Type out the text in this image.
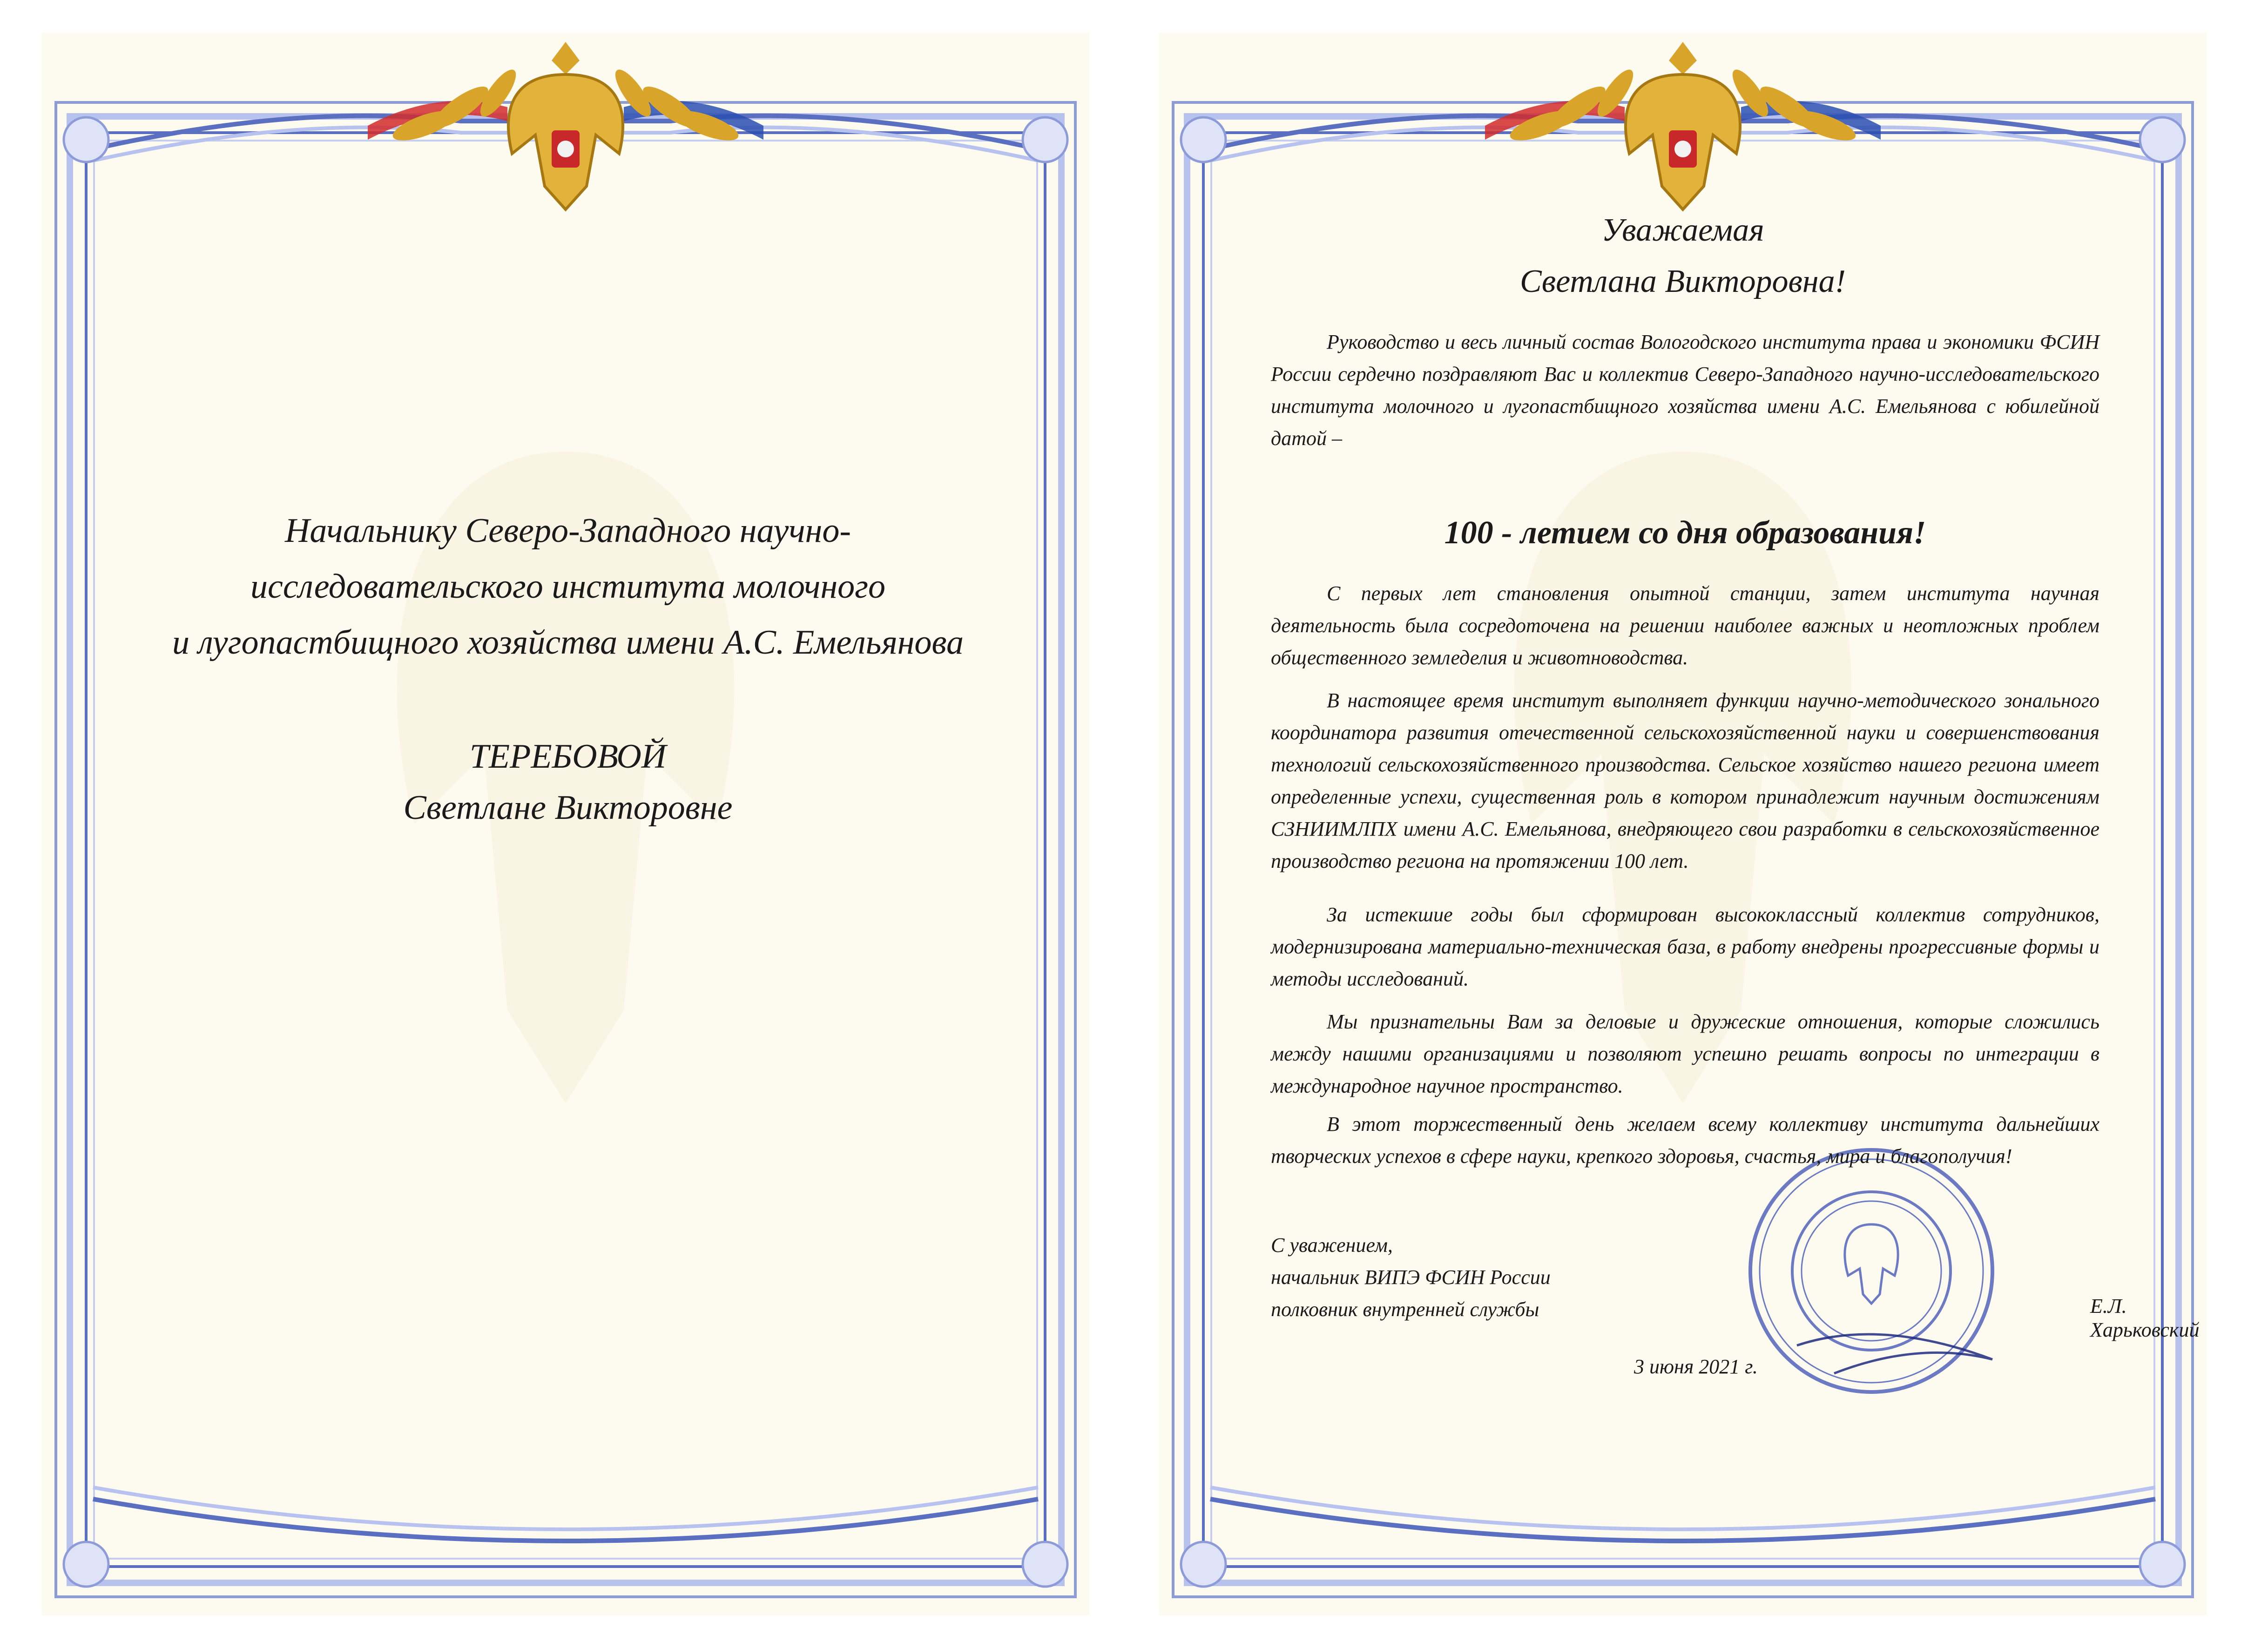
Начальнику Северо-Западного научно-
исследовательского института молочного
и лугопастбищного хозяйства имени А.С. Емельянова
ТЕРЕБОВОЙ
Светлане Викторовне
Уважаемая
Светлана Викторовна!

Руководство и весь личный состав Вологодского института права и экономики ФСИН России сердечно поздравляют Вас и коллектив Северо-Западного научно-исследовательского института молочного и лугопастбищного хозяйства имени А.С. Емельянова с юбилейной датой –

100 - летием со дня образования!

С первых лет становления опытной станции, затем института научная деятельность была сосредоточена на решении наиболее важных и неотложных проблем общественного земледелия и животноводства.

В настоящее время институт выполняет функции научно-методического зонального координатора развития отечественной сельскохозяйственной науки и совершенствования технологий сельскохозяйственного производства. Сельское хозяйство нашего региона имеет определенные успехи, существенная роль в котором принадлежит научным достижениям СЗНИИМЛПХ имени А.С. Емельянова, внедряющего свои разработки в сельскохозяйственное производство региона на протяжении 100 лет.

За истекшие годы был сформирован высококлассный коллектив сотрудников, модернизирована материально-техническая база, в работу внедрены прогрессивные формы и методы исследований.

Мы признательны Вам за деловые и дружеские отношения, которые сложились между нашими организациями и позволяют успешно решать вопросы по интеграции в международное научное пространство.

В этот торжественный день желаем всему коллективу института дальнейших творческих успехов в сфере науки, крепкого здоровья, счастья, мира и благополучия!

С уважением,
начальник ВИПЭ ФСИН России
полковник внутренней службы	Е.Л. Харьковский
3 июня 2021 г.
